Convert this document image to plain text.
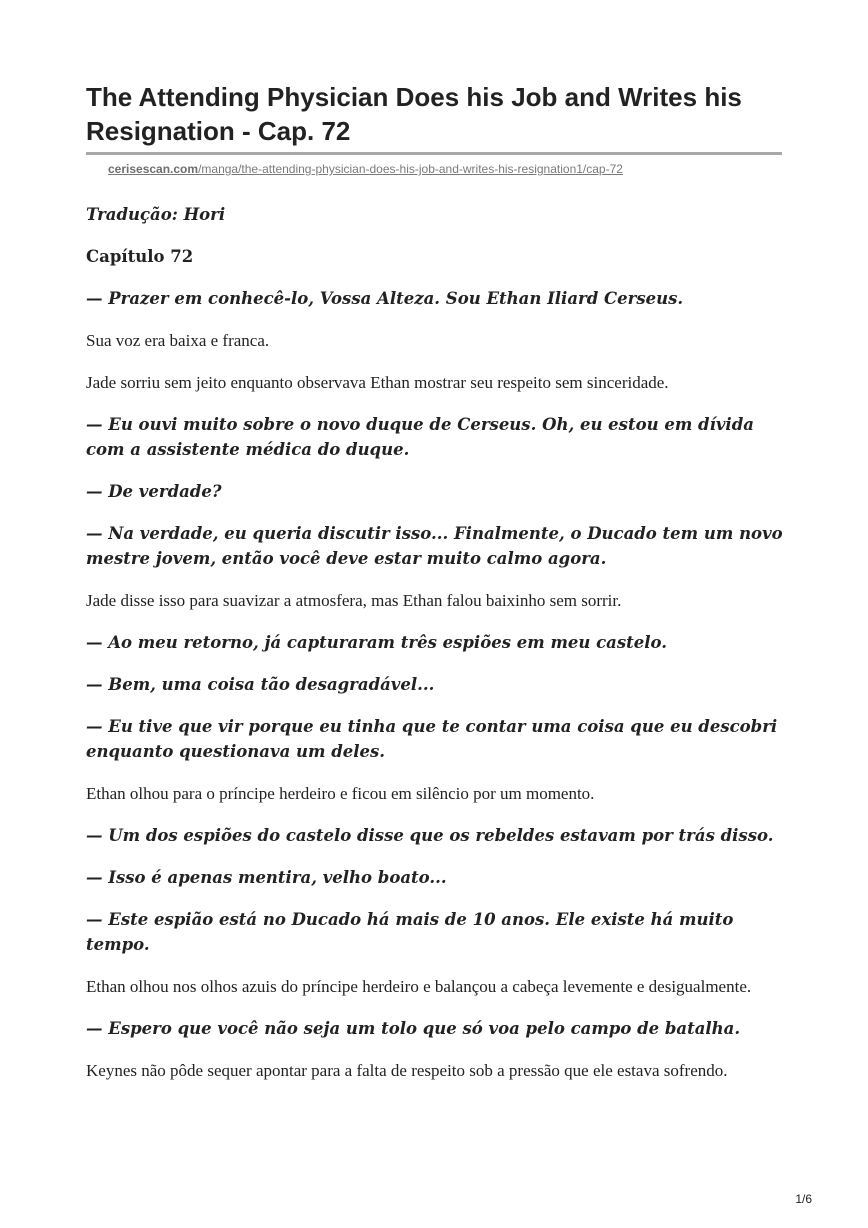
The Attending Physician Does his Job and Writes his Resignation - Cap. 72
cerisescan.com/manga/the-attending-physician-does-his-job-and-writes-his-resignation1/cap-72

Tradução: Hori

Capítulo 72

— Prazer em conhecê-lo, Vossa Alteza. Sou Ethan Iliard Cerseus.

Sua voz era baixa e franca.

Jade sorriu sem jeito enquanto observava Ethan mostrar seu respeito sem sinceridade.

— Eu ouvi muito sobre o novo duque de Cerseus. Oh, eu estou em dívida com a assistente médica do duque.

— De verdade?

— Na verdade, eu queria discutir isso... Finalmente, o Ducado tem um novo mestre jovem, então você deve estar muito calmo agora.

Jade disse isso para suavizar a atmosfera, mas Ethan falou baixinho sem sorrir.

— Ao meu retorno, já capturaram três espiões em meu castelo.

— Bem, uma coisa tão desagradável...

— Eu tive que vir porque eu tinha que te contar uma coisa que eu descobri enquanto questionava um deles.

Ethan olhou para o príncipe herdeiro e ficou em silêncio por um momento.

— Um dos espiões do castelo disse que os rebeldes estavam por trás disso.

— Isso é apenas mentira, velho boato...

— Este espião está no Ducado há mais de 10 anos. Ele existe há muito tempo.

Ethan olhou nos olhos azuis do príncipe herdeiro e balançou a cabeça levemente e desigualmente.

— Espero que você não seja um tolo que só voa pelo campo de batalha.

Keynes não pôde sequer apontar para a falta de respeito sob a pressão que ele estava sofrendo.

1/6
